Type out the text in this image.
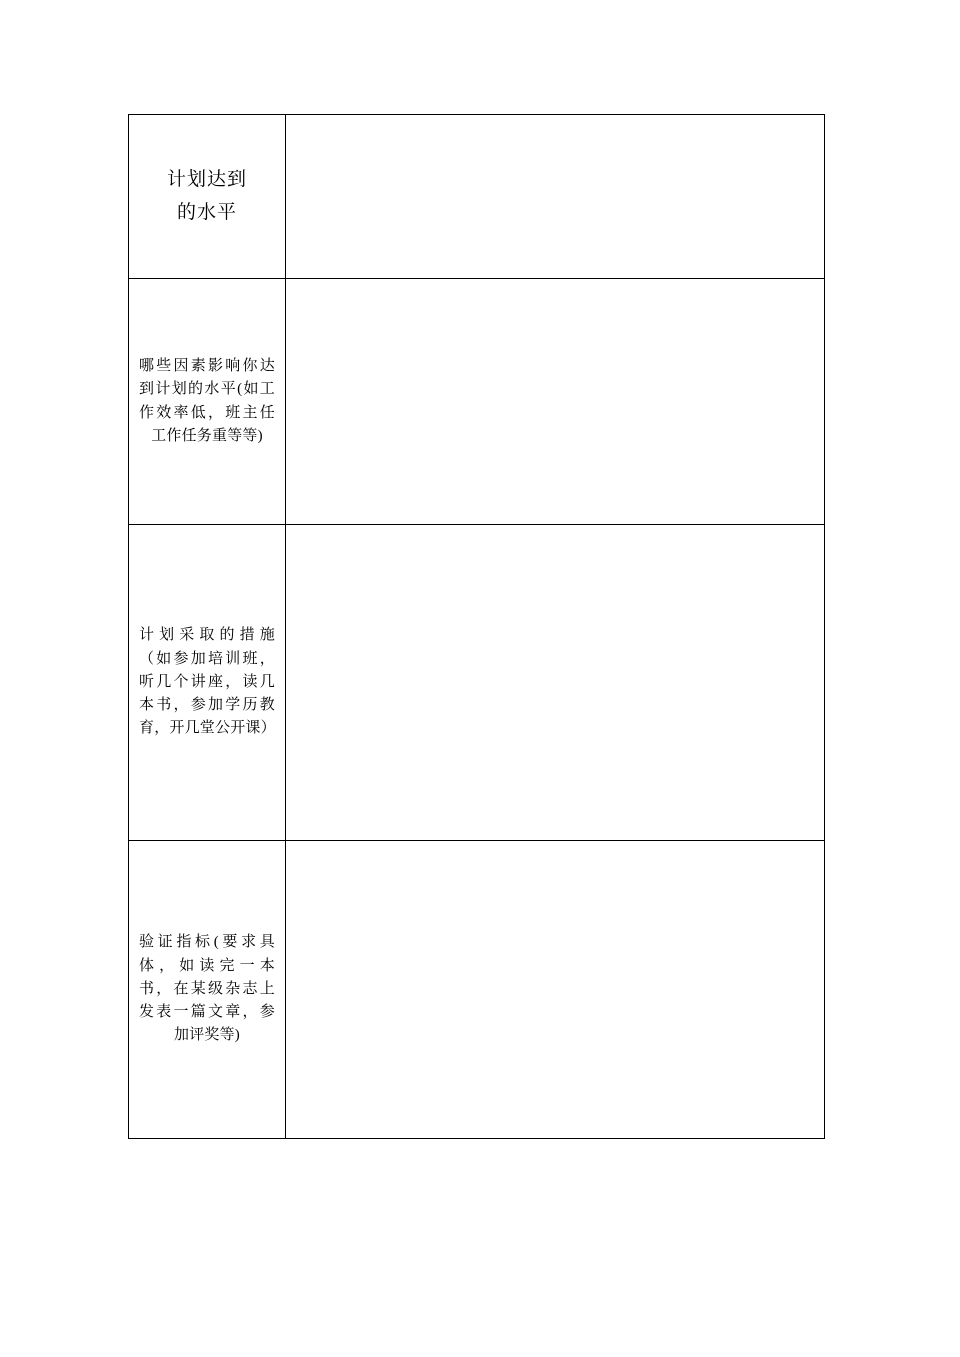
计划达到
的水平	

哪些因素影响你达到计划的水平(如工作效率低，班主任工作任务重等等)	

计划采取的措施（如参加培训班，听几个讲座，读几本书，参加学历教育，开几堂公开课）	

验证指标(要求具体，如读完一本书，在某级杂志上发表一篇文章，参加评奖等)	
